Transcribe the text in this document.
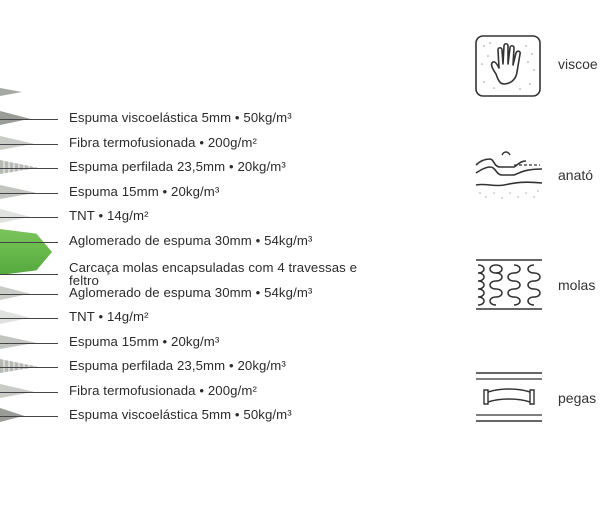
Espuma viscoelástica 5mm • 50kg/m³
Fibra termofusionada • 200g/m²
Espuma perfilada 23,5mm • 20kg/m³
Espuma 15mm • 20kg/m³
TNT • 14g/m²
Aglomerado de espuma 30mm • 54kg/m³
Carcaça molas encapsuladas com 4 travessas e feltro
Aglomerado de espuma 30mm • 54kg/m³
TNT • 14g/m²
Espuma 15mm • 20kg/m³
Espuma perfilada 23,5mm • 20kg/m³
Fibra termofusionada • 200g/m²
Espuma viscoelástica 5mm • 50kg/m³
viscoe
anató
molas
pegas
